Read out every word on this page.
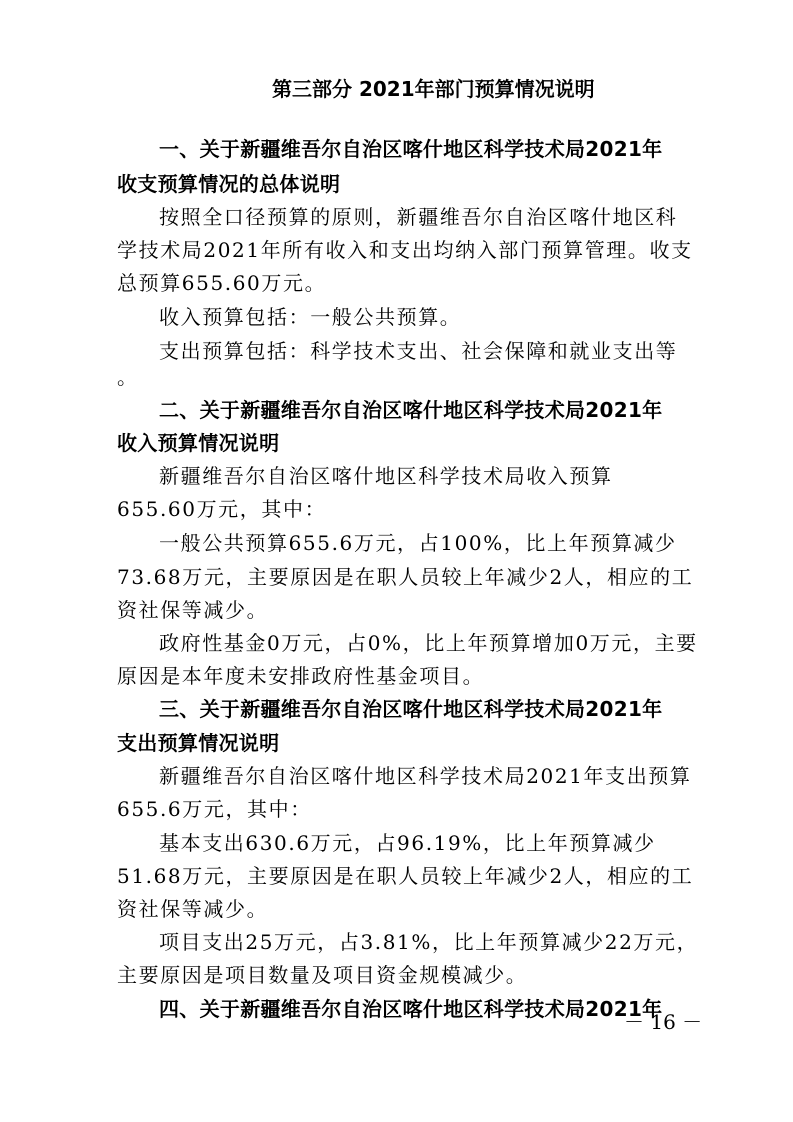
第三部分 2021年部门预算情况说明
一、关于新疆维吾尔自治区喀什地区科学技术局2021年
收支预算情况的总体说明
按照全口径预算的原则，新疆维吾尔自治区喀什地区科
学技术局2021年所有收入和支出均纳入部门预算管理。收支
总预算655.60万元。
收入预算包括：一般公共预算。
支出预算包括：科学技术支出、社会保障和就业支出等
。
二、关于新疆维吾尔自治区喀什地区科学技术局2021年
收入预算情况说明
新疆维吾尔自治区喀什地区科学技术局收入预算
655.60万元，其中：
一般公共预算655.6万元，占100%，比上年预算减少
73.68万元，主要原因是在职人员较上年减少2人，相应的工
资社保等减少。
政府性基金0万元，占0%，比上年预算增加0万元，主要
原因是本年度未安排政府性基金项目。
三、关于新疆维吾尔自治区喀什地区科学技术局2021年
支出预算情况说明
新疆维吾尔自治区喀什地区科学技术局2021年支出预算
655.6万元，其中：
基本支出630.6万元，占96.19%，比上年预算减少
51.68万元，主要原因是在职人员较上年减少2人，相应的工
资社保等减少。
项目支出25万元，占3.81%，比上年预算减少22万元，
主要原因是项目数量及项目资金规模减少。
四、关于新疆维吾尔自治区喀什地区科学技术局2021年
－ 16 －
